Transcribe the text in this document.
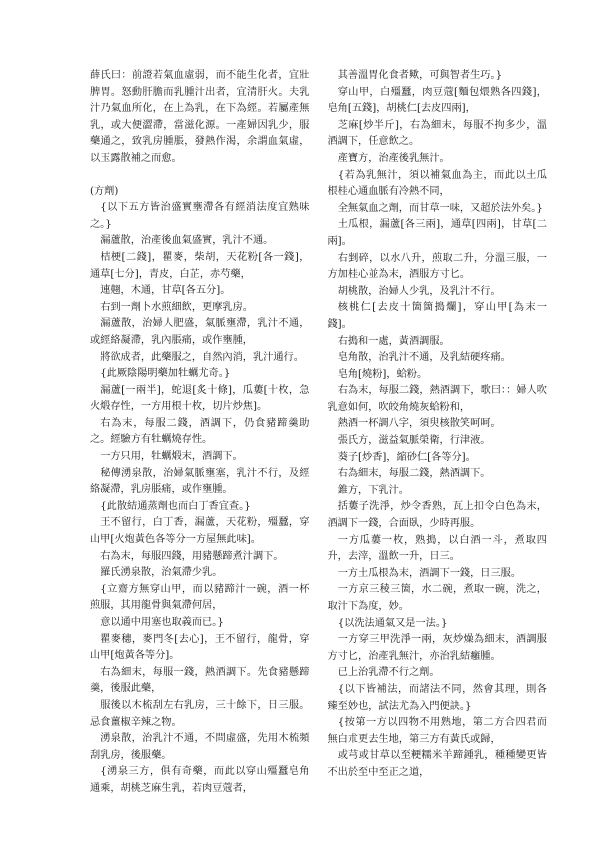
薛氏曰：前證若氣血虛弱，而不能生化者，宜壯脾胃。怒動肝膽而乳腫汁出者，宜清肝火。夫乳汁乃氣血所化，在上為乳，在下為經。若屬產無乳，或大便澀滯，當滋化源。一產婦因乳少，服藥通之，致乳房腫脹，發熱作渴，余謂血氣虛，以玉露散補之而愈。

(方劑)

{以下五方皆治盛實壅滯各有經消法度宜熟味之。}

漏蘆散，治產後血氣盛實，乳汁不通。

桔梗[二錢]，瞿麥，柴胡，天花粉[各一錢]，通草[七分]，青皮，白芷，赤芍藥，

連翹，木通，甘草[各五分]。

右到一劑卜水煎細飲，更摩乳房。

漏蘆散，治婦人肥盛，氣脈壅滯，乳汁不通，或經絡凝滯，乳內脹痛，或作壅腫，

將欲成者，此藥服之，自然內消，乳汁通行。

{此厥陰陽明藥加牡蠣尤奇。}

漏蘆[一兩半]，蛇退[炙十條]，瓜蔞[十枚，急火煅存性，一方用根十枚，切片炒焦]。

右為末，每服二錢，酒調下，仍食豬蹄羹助之。經驗方有牡蠣燒存性。

一方只用，牡蠣煅末，酒調下。

秘傳湧泉散，治婦氣脈壅塞，乳汁不行，及經絡凝滯，乳房脹痛，或作壅腫。

{此散結通蒸劑也而白丁香宜查。}

王不留行，白丁香，漏蘆，天花粉，殭蠶，穿山甲[火炮黃色各等分一方屋無此味]。

右為末，每服四錢，用豬懸蹄煮汁調下。

羅氏湧泉散，治氣滯少乳。

{立齋方無穿山甲，而以豬蹄汁一碗，酒一杯煎服，其用龍骨與氣滯何居，

意以通中用塞也取義而已。}

瞿麥穗，麥門冬[去心]，王不留行，龍骨，穿山甲[炮黃各等分]。

右為細末，每服一錢，熱酒調下。先食豬懸蹄羹，後服此藥，

服後以木梳刮左右乳房，三十餘下，日三服。忌食薑椒辛辣之物。

湧泉散，治乳汁不通，不問虛盛，先用木梳頻刮乳房，後服藥。

{湧泉三方，俱有奇藥，而此以穿山殭蠶皂角通乘，胡桃芝麻生乳，若肉豆蔻者，

其善溫胃化食者歟，可與智者生巧。}

穿山甲，白殭蠶，肉豆蔻[麵包煨熟各四錢]，皂角[五錢]，胡桃仁[去皮四兩]，

芝麻[炒半斤]，右為細末，每服不拘多少，溫酒調下，任意飲之。

產寶方，治產後乳無汁。

{若為乳無汁，須以補氣血為主，而此以土瓜根桂心通血脈有冷熱不同，

全無氣血之劑，而甘草一味，又超於法外矣。}

土瓜根，漏蘆[各三兩]，通草[四兩]，甘草[二兩]。

右剉碎，以水八升，煎取二升，分溫三服，一方加桂心並為末，酒服方寸匕。

胡桃散，治婦人少乳，及乳汁不行。

核桃仁[去皮十箇箇搗爛]，穿山甲[為末一錢]。

右搗和一處，黃酒調服。

皂角散，治乳汁不通，及乳結硬疼痛。

皂角[燒粉]，蛤粉。

右為末，每服二錢，熱酒調下，歌曰：：婦人吹乳意如何，吹皎角燒灰蛤粉和，

熱酒一杯調八字，須臾核散笑呵呵。

張氏方，滋益氣脈榮衛，行津液。

葵子[炒香]，縮砂仁[各等分]。

右為細末，每服二錢，熱酒調下。

錐方，下乳汁。

括蔞子洗淨，炒令香熟，瓦上扣令白色為末，酒調下一錢，合面臥，少時再服。

一方瓜蔞一枚，熟搗，以白酒一斗，煮取四升，去滓，溫飲一升，日三。

一方土瓜根為末，酒調下一錢，日三服。

一方京三稜三箇，水二碗，煮取一碗，洗之，取汁下為度，妙。

{以洗法通氣又是一法。}

一方穿三甲洗淨一兩，灰炒燥為細末，酒調服方寸匕，治產乳無汁，亦治乳結癰腫。

已上治乳滯不行之劑。

{以下皆補法，而諸法不同，然會其理，則各臻至妙也，試法尤為入門便訣。}

{按第一方以四物不用熟地，第二方合四君而無白朮更去生地，第三方有黃氏或歸，

或芎或甘草以至粳糯米羊蹄鍾乳，種種變更皆不出於至中至正之道，
